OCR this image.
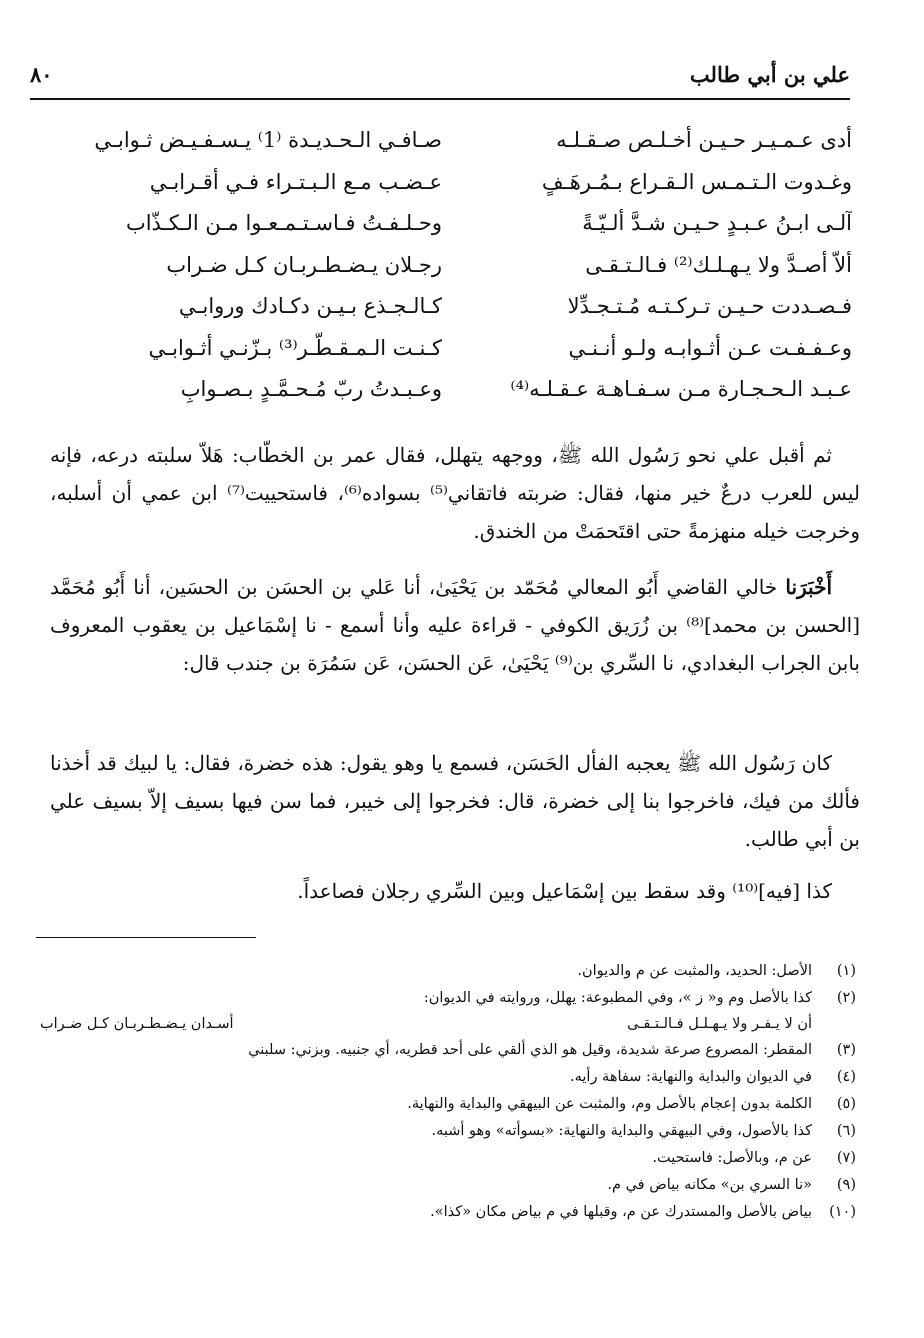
علي بن أبي طالب
٨٠
أدى عـمـيـر حـيـن أخـلـص صـقـلـه
وغـدوت الـتـمـس الـقـراع بـمُـرهَـفٍ
آلـى ابـنُ عـبـدٍ حـيـن شـدَّ ألـيّـةً
ألاّ أصـدَّ ولا يـهـلـك⁽²⁾ فـالـتـقـى
فـصـددت حـيـن تـركـتـه مُـتـجـدِّلا
وعـفـفـت عـن أثـوابـه ولـو أنـنـي
عـبـد الـحـجـارة مـن سـفـاهـة عـقـلـه⁽⁴⁾
صـافـي الـحـديـدة ⁽1⁾ يـسـفـيـض ثـوابـي
عـضـب مـع الـبـتـراء فـي أقـرابـي
وحـلـفـتُ فـاسـتـمـعـوا مـن الـكـذّاب
رجـلان يـضـطـربـان كـل ضـراب
كـالـجـذع بـيـن دكـادك وروابـي
كـنـت الـمـقـطّـر⁽³⁾ بـزّنـي أثـوابـي
وعـبـدتُ ربّ مُـحـمَّـدٍ بـصـوابِ

ثم أقبل علي نحو رَسُول الله ﷺ، ووجهه يتهلل، فقال عمر بن الخطّاب: هَلاّ سلبته درعه، فإنه ليس للعرب درعٌ خير منها، فقال: ضربته فاتقاني⁽⁵⁾ بسواده⁽⁶⁾، فاستحييت⁽⁷⁾ ابن عمي أن أسلبه، وخرجت خيله منهزمةً حتى اقتَحمَتْ من الخندق.

أَخْبَرَنا خالي القاضي أَبُو المعالي مُحَمّد بن يَحْيَىٰ، أنا عَلي بن الحسَن بن الحسَين، أنا أَبُو مُحَمَّد [الحسن بن محمد]⁽⁸⁾ بن زُرَيق الكوفي - قراءة عليه وأنا أسمع - نا إسْمَاعيل بن يعقوب المعروف بابن الجراب البغدادي، نا السِّري بن⁽⁹⁾ يَحْيَىٰ، عَن الحسَن، عَن سَمُرَة بن جندب قال:

كان رَسُول الله ﷺ يعجبه الفأل الحَسَن، فسمع يا وهو يقول: هذه خضرة، فقال: يا لبيك قد أخذنا فألك من فيك، فاخرجوا بنا إلى خضرة، قال: فخرجوا إلى خيبر، فما سن فيها بسيف إلاّ بسيف علي بن أبي طالب.

كذا [فيه]⁽¹⁰⁾ وقد سقط بين إسْمَاعيل وبين السِّري رجلان فصاعداً.

(١)
الأصل: الحديد، والمثبت عن م والديوان.
(٢)
كذا بالأصل وم و« ز »، وفي المطبوعة: يهلل، وروايته في الديوان:
أن لا يـفـر ولا يـهـلـل فـالـتـقـى
أسـدان يـضـطـربـان كـل ضـراب
(٣)
المقطر: المصروع صرعة شديدة، وقيل هو الذي ألقي على أحد قطريه، أي جنبيه. وبزني: سلبني
(٤)
في الديوان والبداية والنهاية: سفاهة رأيه.
(٥)
الكلمة بدون إعجام بالأصل وم، والمثبت عن البيهقي والبداية والنهاية.
(٦)
كذا بالأصول، وفي البيهقي والبداية والنهاية: «بسوأته» وهو أشبه.
(٧)
عن م، وبالأصل: فاستحيت.
(٩)
«نا السري بن» مكانه بياض في م.
(١٠)
بياض بالأصل والمستدرك عن م، وقبلها في م بياض مكان «كذا».
